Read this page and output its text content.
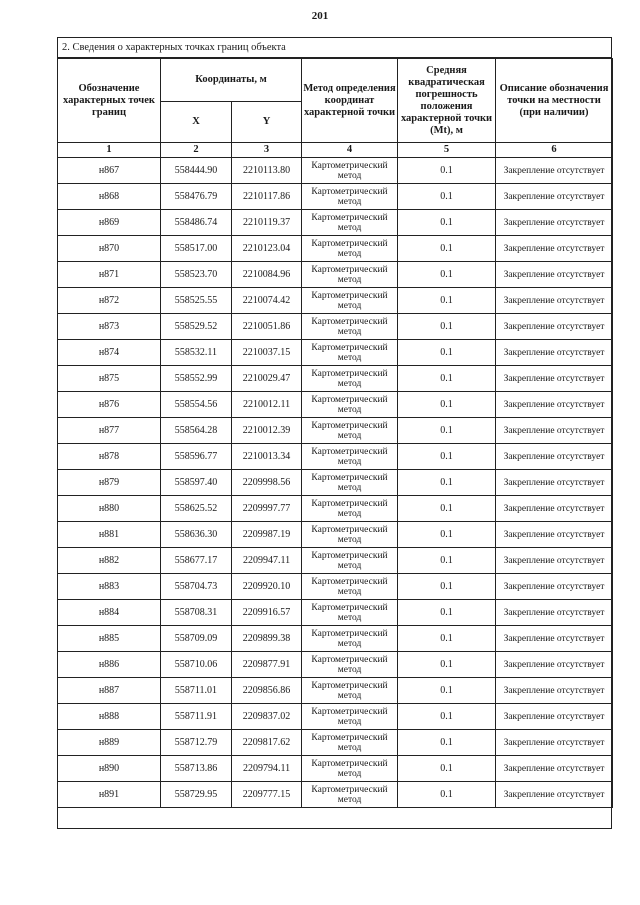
201
2. Сведения о характерных точках границ объекта
Обозначение характерных точек границ	Координаты, м		Метод определения координат характерной точки	Средняя квадратическая погрешность положения характерной точки (Mt), м	Описание обозначения точки на местности (при наличии)
	X	Y			
1	2	3	4	5	6
н867	558444.90	2210113.80	Картометрический метод	0.1	Закрепление отсутствует
н868	558476.79	2210117.86	Картометрический метод	0.1	Закрепление отсутствует
н869	558486.74	2210119.37	Картометрический метод	0.1	Закрепление отсутствует
н870	558517.00	2210123.04	Картометрический метод	0.1	Закрепление отсутствует
н871	558523.70	2210084.96	Картометрический метод	0.1	Закрепление отсутствует
н872	558525.55	2210074.42	Картометрический метод	0.1	Закрепление отсутствует
н873	558529.52	2210051.86	Картометрический метод	0.1	Закрепление отсутствует
н874	558532.11	2210037.15	Картометрический метод	0.1	Закрепление отсутствует
н875	558552.99	2210029.47	Картометрический метод	0.1	Закрепление отсутствует
н876	558554.56	2210012.11	Картометрический метод	0.1	Закрепление отсутствует
н877	558564.28	2210012.39	Картометрический метод	0.1	Закрепление отсутствует
н878	558596.77	2210013.34	Картометрический метод	0.1	Закрепление отсутствует
н879	558597.40	2209998.56	Картометрический метод	0.1	Закрепление отсутствует
н880	558625.52	2209997.77	Картометрический метод	0.1	Закрепление отсутствует
н881	558636.30	2209987.19	Картометрический метод	0.1	Закрепление отсутствует
н882	558677.17	2209947.11	Картометрический метод	0.1	Закрепление отсутствует
н883	558704.73	2209920.10	Картометрический метод	0.1	Закрепление отсутствует
н884	558708.31	2209916.57	Картометрический метод	0.1	Закрепление отсутствует
н885	558709.09	2209899.38	Картометрический метод	0.1	Закрепление отсутствует
н886	558710.06	2209877.91	Картометрический метод	0.1	Закрепление отсутствует
н887	558711.01	2209856.86	Картометрический метод	0.1	Закрепление отсутствует
н888	558711.91	2209837.02	Картометрический метод	0.1	Закрепление отсутствует
н889	558712.79	2209817.62	Картометрический метод	0.1	Закрепление отсутствует
н890	558713.86	2209794.11	Картометрический метод	0.1	Закрепление отсутствует
н891	558729.95	2209777.15	Картометрический метод	0.1	Закрепление отсутствует
